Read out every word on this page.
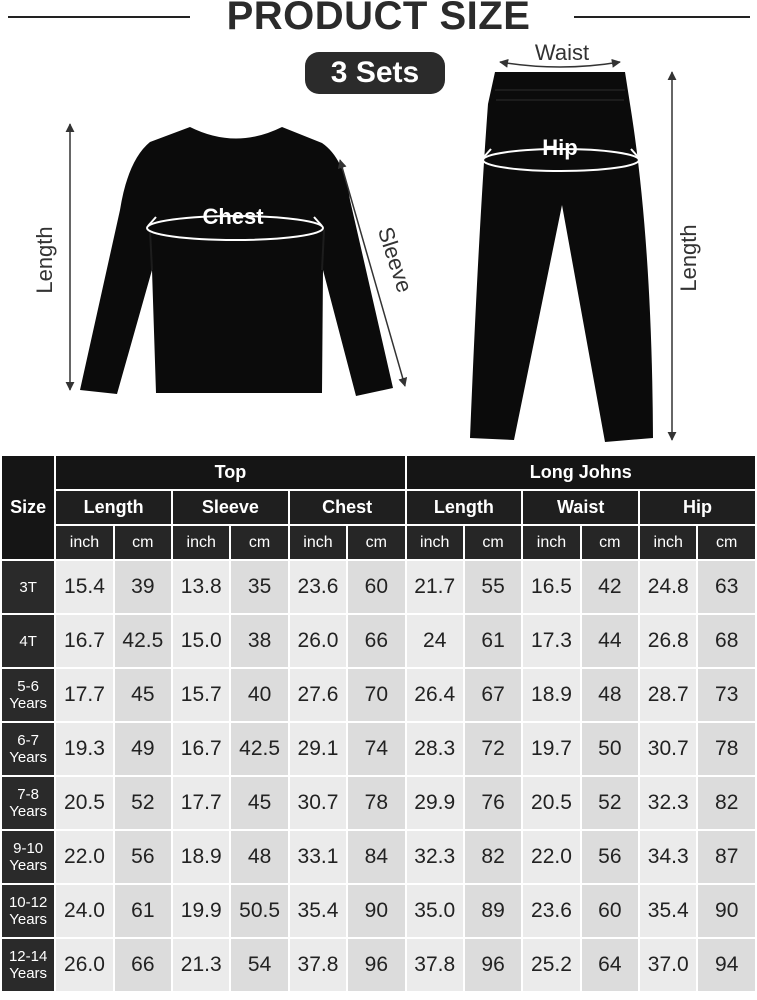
PRODUCT SIZE
3 Sets
Length
Chest
Sleeve
Waist
Hip
Length
Size	Top						Long Johns					
	Length		Sleeve		Chest		Length		Waist		Hip	
	inch	cm	inch	cm	inch	cm	inch	cm	inch	cm	inch	cm
3T	15.4	39	13.8	35	23.6	60	21.7	55	16.5	42	24.8	63
4T	16.7	42.5	15.0	38	26.0	66	24	61	17.3	44	26.8	68
5-6 Years	17.7	45	15.7	40	27.6	70	26.4	67	18.9	48	28.7	73
6-7 Years	19.3	49	16.7	42.5	29.1	74	28.3	72	19.7	50	30.7	78
7-8 Years	20.5	52	17.7	45	30.7	78	29.9	76	20.5	52	32.3	82
9-10 Years	22.0	56	18.9	48	33.1	84	32.3	82	22.0	56	34.3	87
10-12 Years	24.0	61	19.9	50.5	35.4	90	35.0	89	23.6	60	35.4	90
12-14 Years	26.0	66	21.3	54	37.8	96	37.8	96	25.2	64	37.0	94
